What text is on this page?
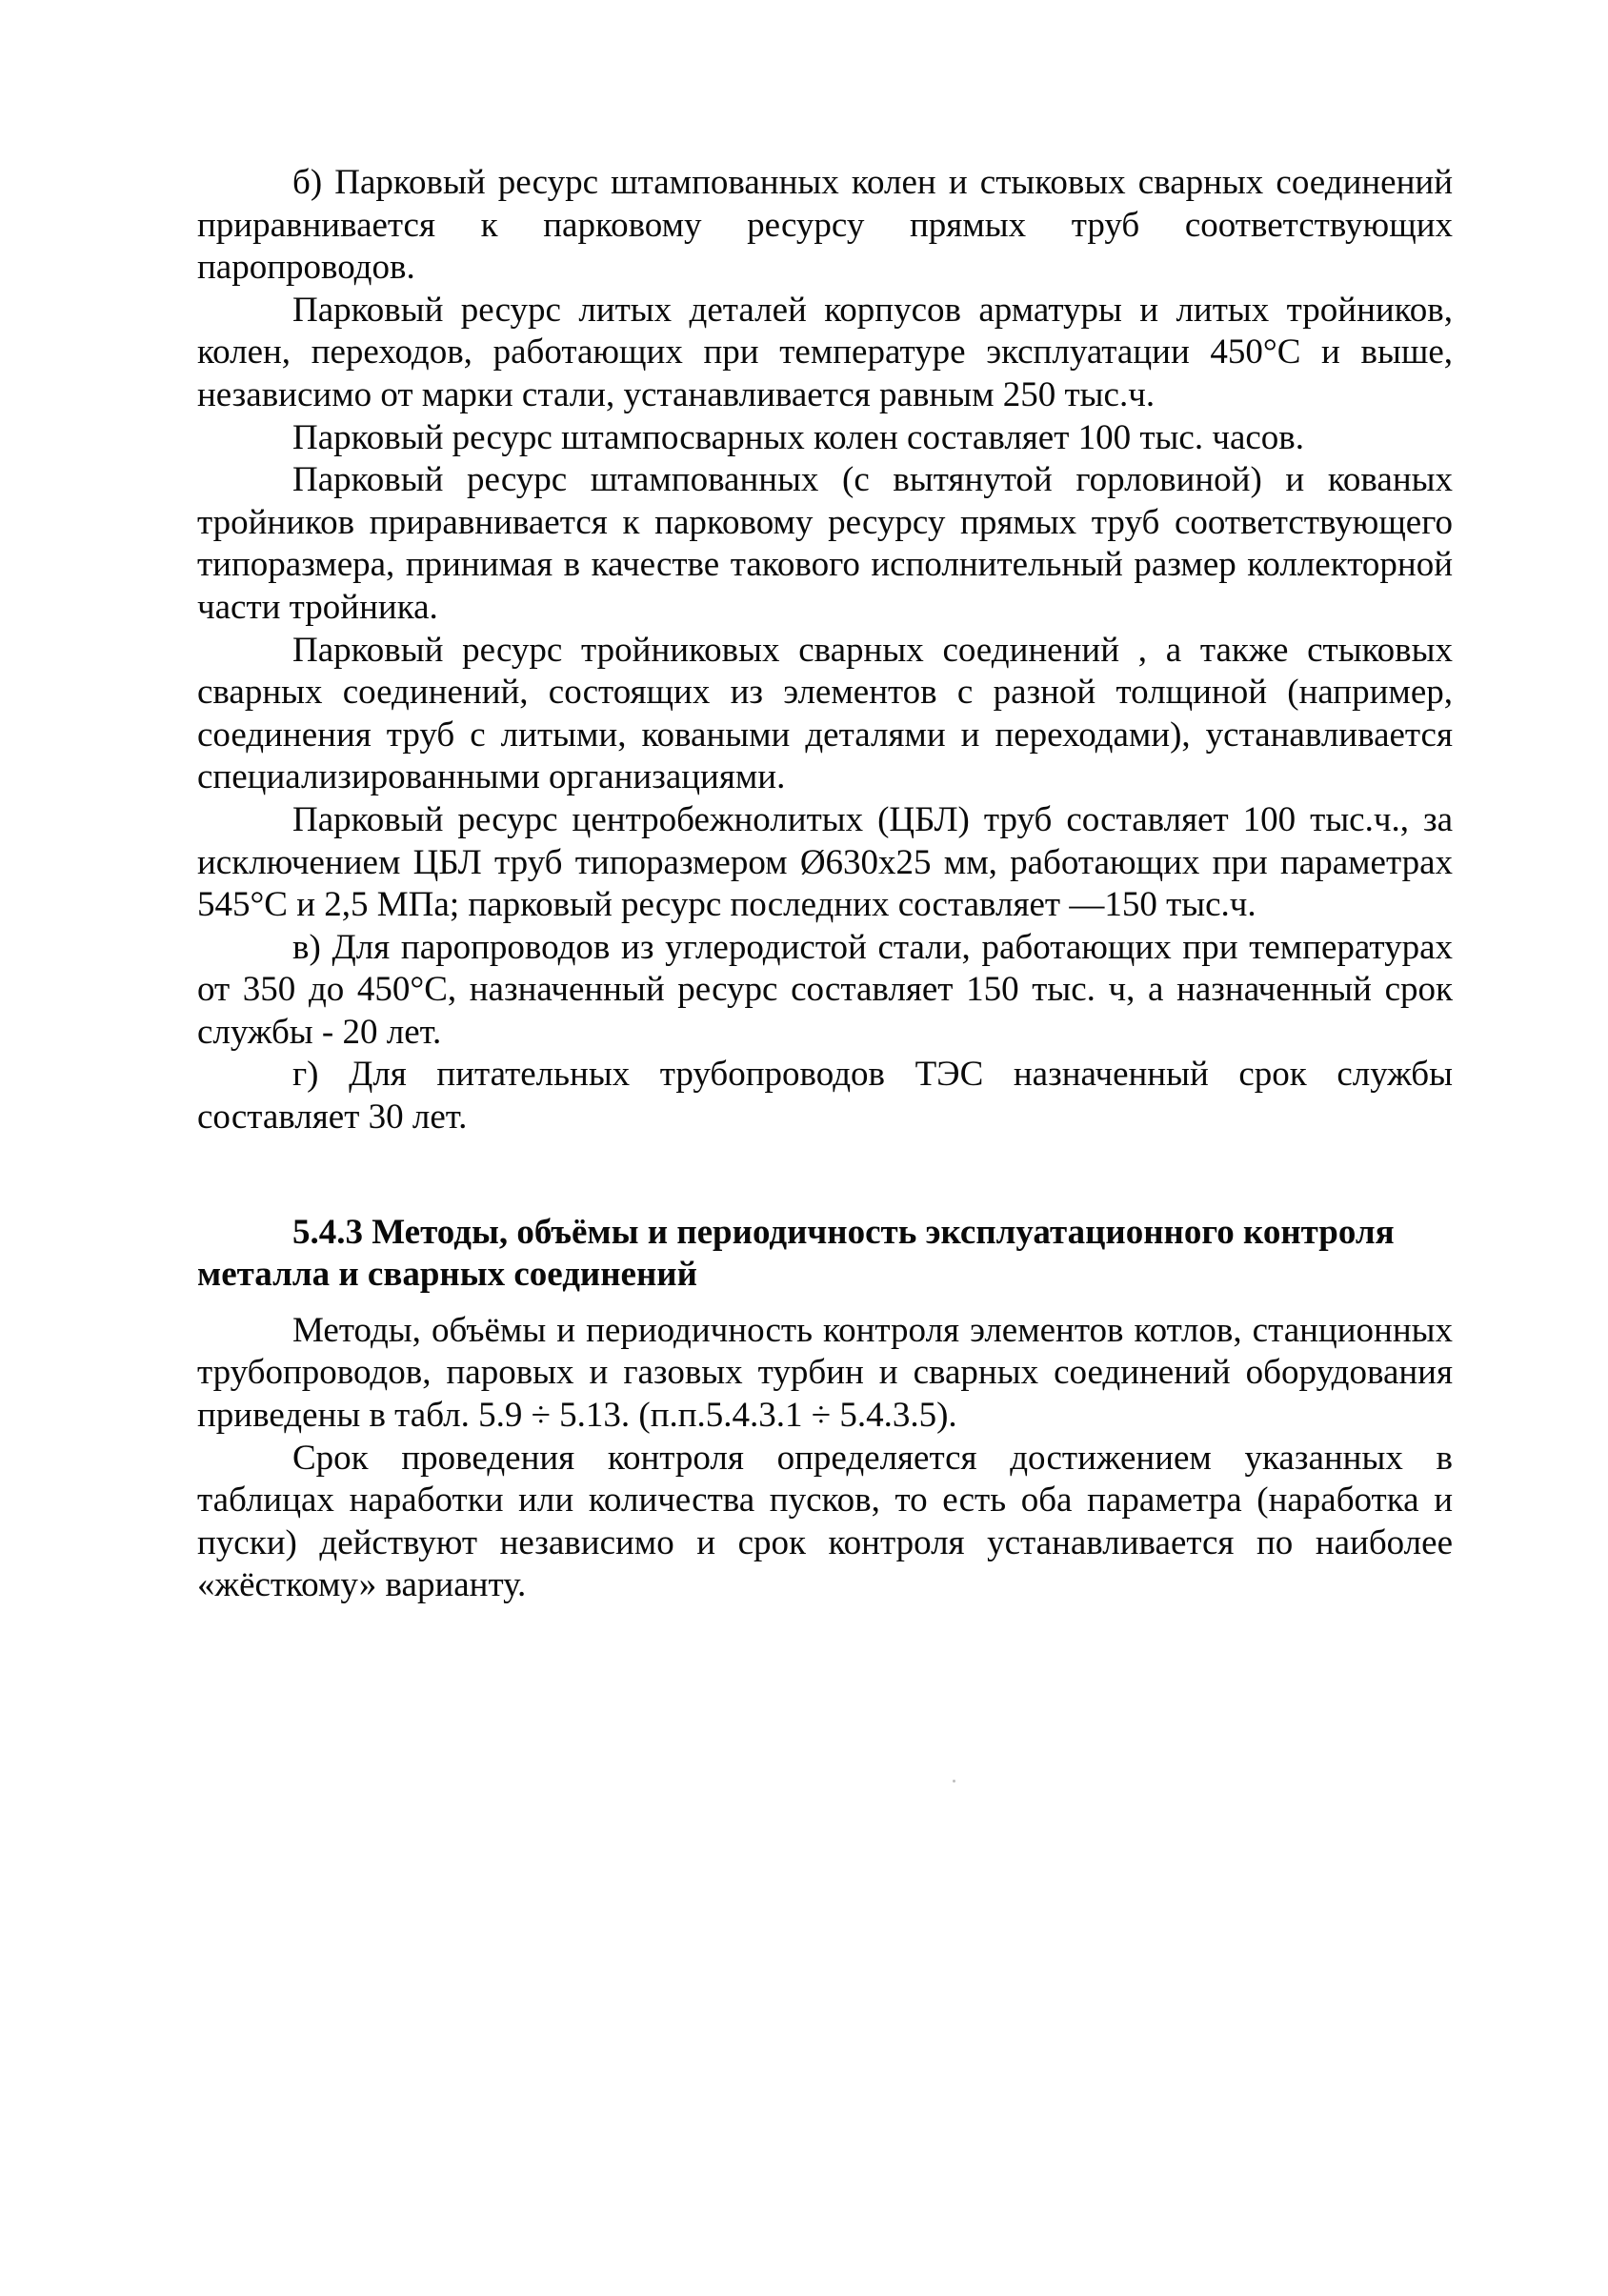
б) Парковый ресурс штампованных колен и стыковых сварных соединений приравнивается к парковому ресурсу прямых труб соответствующих паропроводов.

Парковый ресурс литых деталей корпусов арматуры и литых тройников, колен, переходов, работающих при температуре эксплуатации 450°С и выше, независимо от марки стали, устанавливается равным 250 тыс.ч.

Парковый ресурс штампосварных колен составляет 100 тыс. часов.

Парковый ресурс штампованных (с вытянутой горловиной) и кованых тройников приравнивается к парковому ресурсу прямых труб соответствующего типоразмера, принимая в качестве такового исполнительный размер коллекторной части тройника.

Парковый ресурс тройниковых сварных соединений , а также стыковых сварных соединений, состоящих из элементов с разной толщиной (например, соединения труб с литыми, коваными деталями и переходами), устанавливается специализированными организациями.

Парковый ресурс центробежнолитых (ЦБЛ) труб составляет 100 тыс.ч., за исключением ЦБЛ труб типоразмером Ø630x25 мм, работающих при параметрах 545°С и 2,5 МПа; парковый ресурс последних составляет —150 тыс.ч.

в) Для паропроводов из углеродистой стали, работающих при температурах от 350 до 450°С, назначенный ресурс составляет 150 тыс. ч, а назначенный срок службы - 20 лет.

г) Для питательных трубопроводов ТЭС назначенный срок службы составляет 30 лет.

5.4.3 Методы, объёмы и периодичность эксплуатационного контроля металла и сварных соединений

Методы, объёмы и периодичность контроля элементов котлов, станционных трубопроводов, паровых и газовых турбин и сварных соединений оборудования приведены в табл. 5.9 ÷ 5.13. (п.п.5.4.3.1 ÷ 5.4.3.5).

Срок проведения контроля определяется достижением указанных в таблицах наработки или количества пусков, то есть оба параметра (наработка и пуски) действуют независимо и срок контроля устанавливается по наиболее «жёсткому» варианту.
